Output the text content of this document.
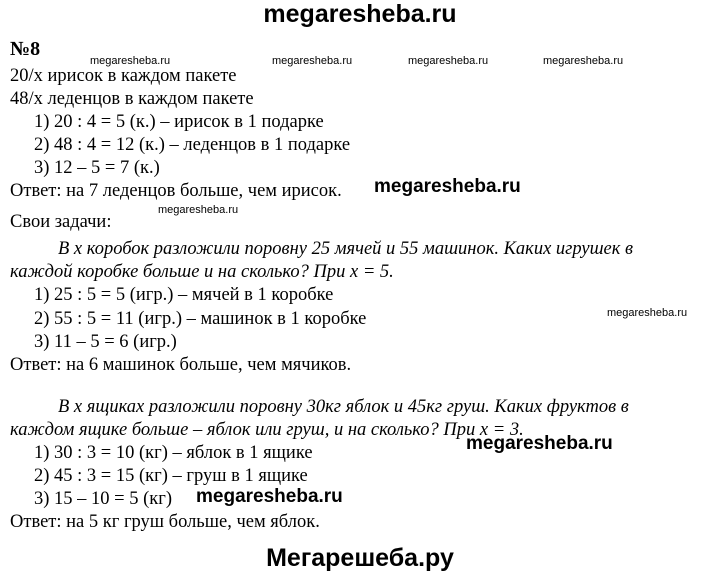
megaresheba.ru
megaresheba.ru	megaresheba.ru	megaresheba.ru	megaresheba.ru
megaresheba.ru
megaresheba.ru
№8
20/x ирисок в каждом пакете
48/x леденцов в каждом пакете
1) 20 : 4 = 5 (к.) – ирисок в 1 подарке
2) 48 : 4 = 12 (к.) – леденцов в 1 подарке
3) 12 – 5 = 7 (к.)
Ответ: на 7 леденцов больше, чем ирисок.
Свои задачи:
В x коробок разложили поровну 25 мячей и 55 машинок. Каких игрушек в
каждой коробке больше и на сколько? При x = 5.
1) 25 : 5 = 5 (игр.) – мячей в 1 коробке
2) 55 : 5 = 11 (игр.) – машинок в 1 коробке
3) 11 – 5 = 6 (игр.)
Ответ: на 6 машинок больше, чем мячиков.
В x ящиках разложили поровну 30кг яблок и 45кг груш. Каких фруктов в
каждом ящике больше – яблок или груш, и на сколько? При x = 3.
1) 30 : 3 = 10 (кг) – яблок в 1 ящике
2) 45 : 3 = 15 (кг) – груш в 1 ящике
3) 15 – 10 = 5 (кг)
Ответ: на 5 кг груш больше, чем яблок.
megaresheba.ru
megaresheba.ru
megaresheba.ru
Мегарешеба.ру
